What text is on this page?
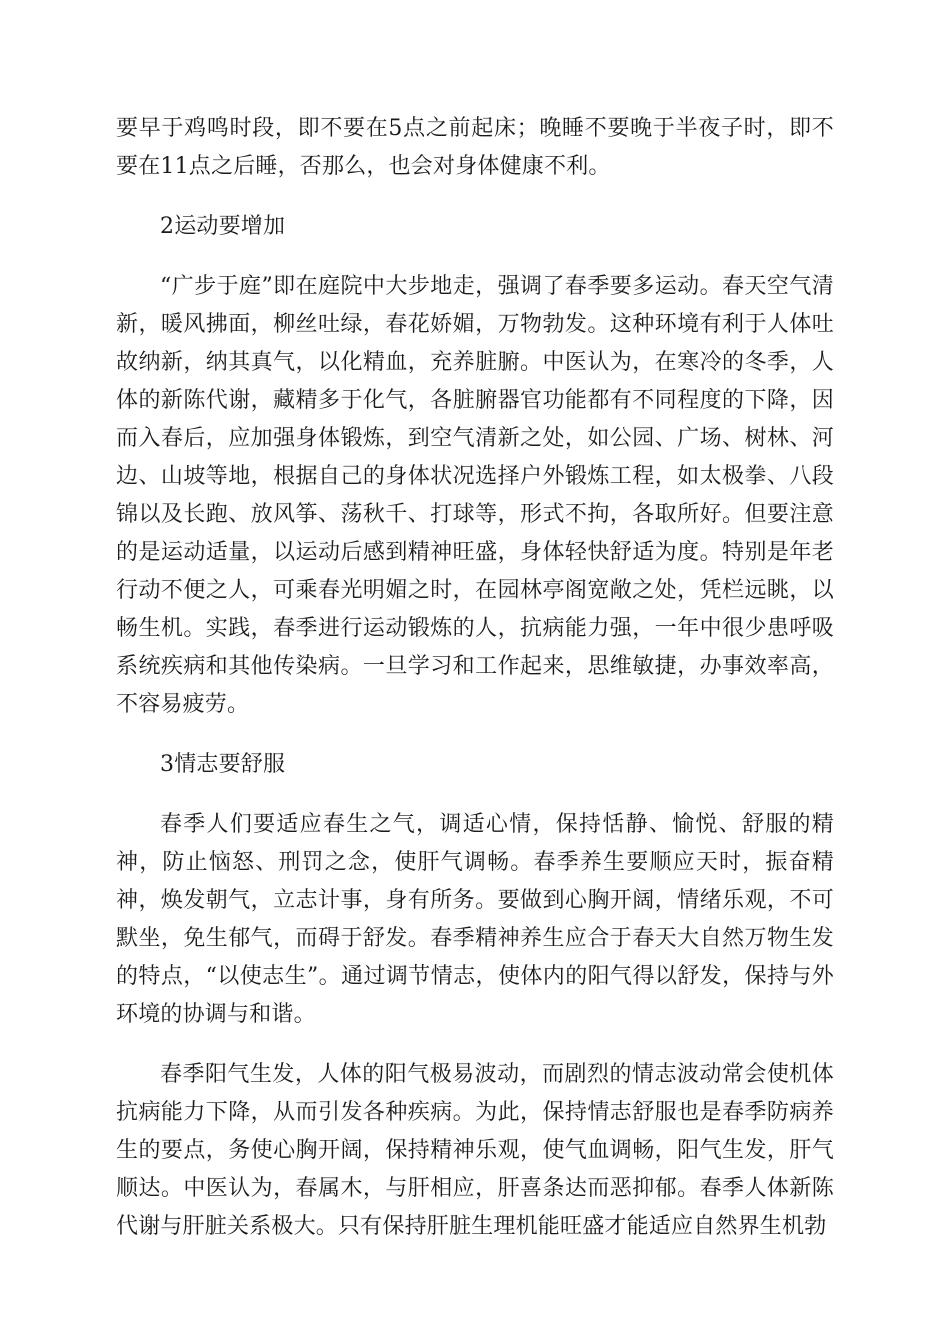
要早于鸡鸣时段，即不要在5点之前起床；晚睡不要晚于半夜子时，即不要在11点之后睡，否那么，也会对身体健康不利。

2运动要增加

“广步于庭”即在庭院中大步地走，强调了春季要多运动。春天空气清新，暖风拂面，柳丝吐绿，春花娇媚，万物勃发。这种环境有利于人体吐故纳新，纳其真气，以化精血，充养脏腑。中医认为，在寒冷的冬季，人体的新陈代谢，藏精多于化气，各脏腑器官功能都有不同程度的下降，因而入春后，应加强身体锻炼，到空气清新之处，如公园、广场、树林、河边、山坡等地，根据自己的身体状况选择户外锻炼工程，如太极拳、八段锦以及长跑、放风筝、荡秋千、打球等，形式不拘，各取所好。但要注意的是运动适量，以运动后感到精神旺盛，身体轻快舒适为度。特别是年老行动不便之人，可乘春光明媚之时，在园林亭阁宽敞之处，凭栏远眺，以畅生机。实践，春季进行运动锻炼的人，抗病能力强，一年中很少患呼吸系统疾病和其他传染病。一旦学习和工作起来，思维敏捷，办事效率高，不容易疲劳。

3情志要舒服

春季人们要适应春生之气，调适心情，保持恬静、愉悦、舒服的精神，防止恼怒、刑罚之念，使肝气调畅。春季养生要顺应天时，振奋精神，焕发朝气，立志计事，身有所务。要做到心胸开阔，情绪乐观，不可默坐，免生郁气，而碍于舒发。春季精神养生应合于春天大自然万物生发的特点，“以使志生”。通过调节情志，使体内的阳气得以舒发，保持与外环境的协调与和谐。

春季阳气生发，人体的阳气极易波动，而剧烈的情志波动常会使机体抗病能力下降，从而引发各种疾病。为此，保持情志舒服也是春季防病养生的要点，务使心胸开阔，保持精神乐观，使气血调畅，阳气生发，肝气顺达。中医认为，春属木，与肝相应，肝喜条达而恶抑郁。春季人体新陈代谢与肝脏关系极大。只有保持肝脏生理机能旺盛才能适应自然界生机勃
